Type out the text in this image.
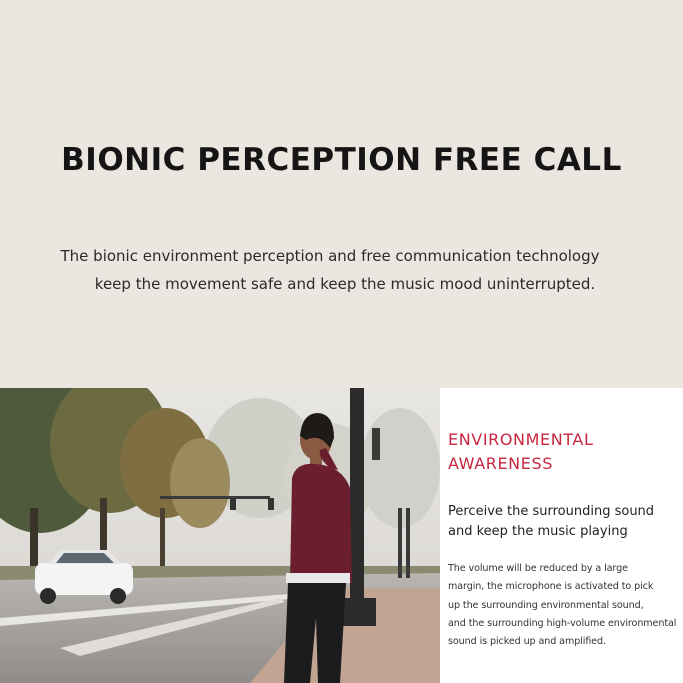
BIONIC PERCEPTION FREE CALL
The bionic environment perception and free communication technology
keep the movement safe and keep the music mood uninterrupted.
ENVIRONMENTAL
AWARENESS
Perceive the surrounding sound
and keep the music playing
The volume will be reduced by a large
margin, the microphone is activated to pick
up the surrounding environmental sound,
and the surrounding high-volume environmental
sound is picked up and amplified.
